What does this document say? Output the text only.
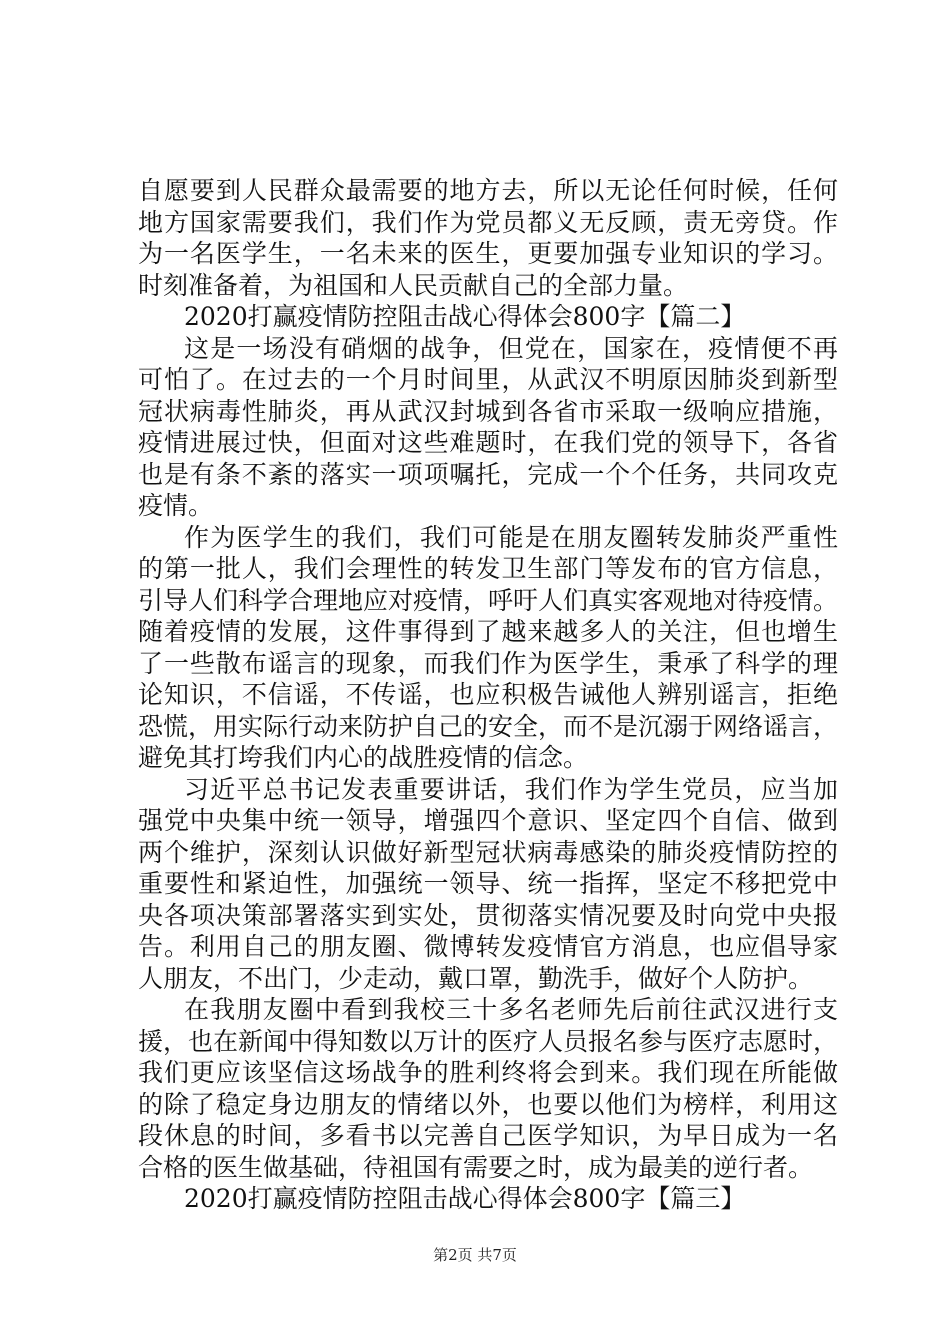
自愿要到人民群众最需要的地方去，所以无论任何时候，任何
地方国家需要我们，我们作为党员都义无反顾，责无旁贷。作
为一名医学生，一名未来的医生，更要加强专业知识的学习。
时刻准备着，为祖国和人民贡献自己的全部力量。
2020打赢疫情防控阻击战心得体会800字【篇二】
这是一场没有硝烟的战争，但党在，国家在，疫情便不再
可怕了。在过去的一个月时间里，从武汉不明原因肺炎到新型
冠状病毒性肺炎，再从武汉封城到各省市采取一级响应措施，
疫情进展过快，但面对这些难题时，在我们党的领导下，各省
也是有条不紊的落实一项项嘱托，完成一个个任务，共同攻克
疫情。
作为医学生的我们，我们可能是在朋友圈转发肺炎严重性
的第一批人，我们会理性的转发卫生部门等发布的官方信息，
引导人们科学合理地应对疫情，呼吁人们真实客观地对待疫情。
随着疫情的发展，这件事得到了越来越多人的关注，但也增生
了一些散布谣言的现象，而我们作为医学生，秉承了科学的理
论知识，不信谣，不传谣，也应积极告诫他人辨别谣言，拒绝
恐慌，用实际行动来防护自己的安全，而不是沉溺于网络谣言，
避免其打垮我们内心的战胜疫情的信念。
习近平总书记发表重要讲话，我们作为学生党员，应当加
强党中央集中统一领导，增强四个意识、坚定四个自信、做到
两个维护，深刻认识做好新型冠状病毒感染的肺炎疫情防控的
重要性和紧迫性，加强统一领导、统一指挥，坚定不移把党中
央各项决策部署落实到实处，贯彻落实情况要及时向党中央报
告。利用自己的朋友圈、微博转发疫情官方消息，也应倡导家
人朋友，不出门，少走动，戴口罩，勤洗手，做好个人防护。
在我朋友圈中看到我校三十多名老师先后前往武汉进行支
援，也在新闻中得知数以万计的医疗人员报名参与医疗志愿时，
我们更应该坚信这场战争的胜利终将会到来。我们现在所能做
的除了稳定身边朋友的情绪以外，也要以他们为榜样，利用这
段休息的时间，多看书以完善自己医学知识，为早日成为一名
合格的医生做基础，待祖国有需要之时，成为最美的逆行者。
2020打赢疫情防控阻击战心得体会800字【篇三】
第2页 共7页
